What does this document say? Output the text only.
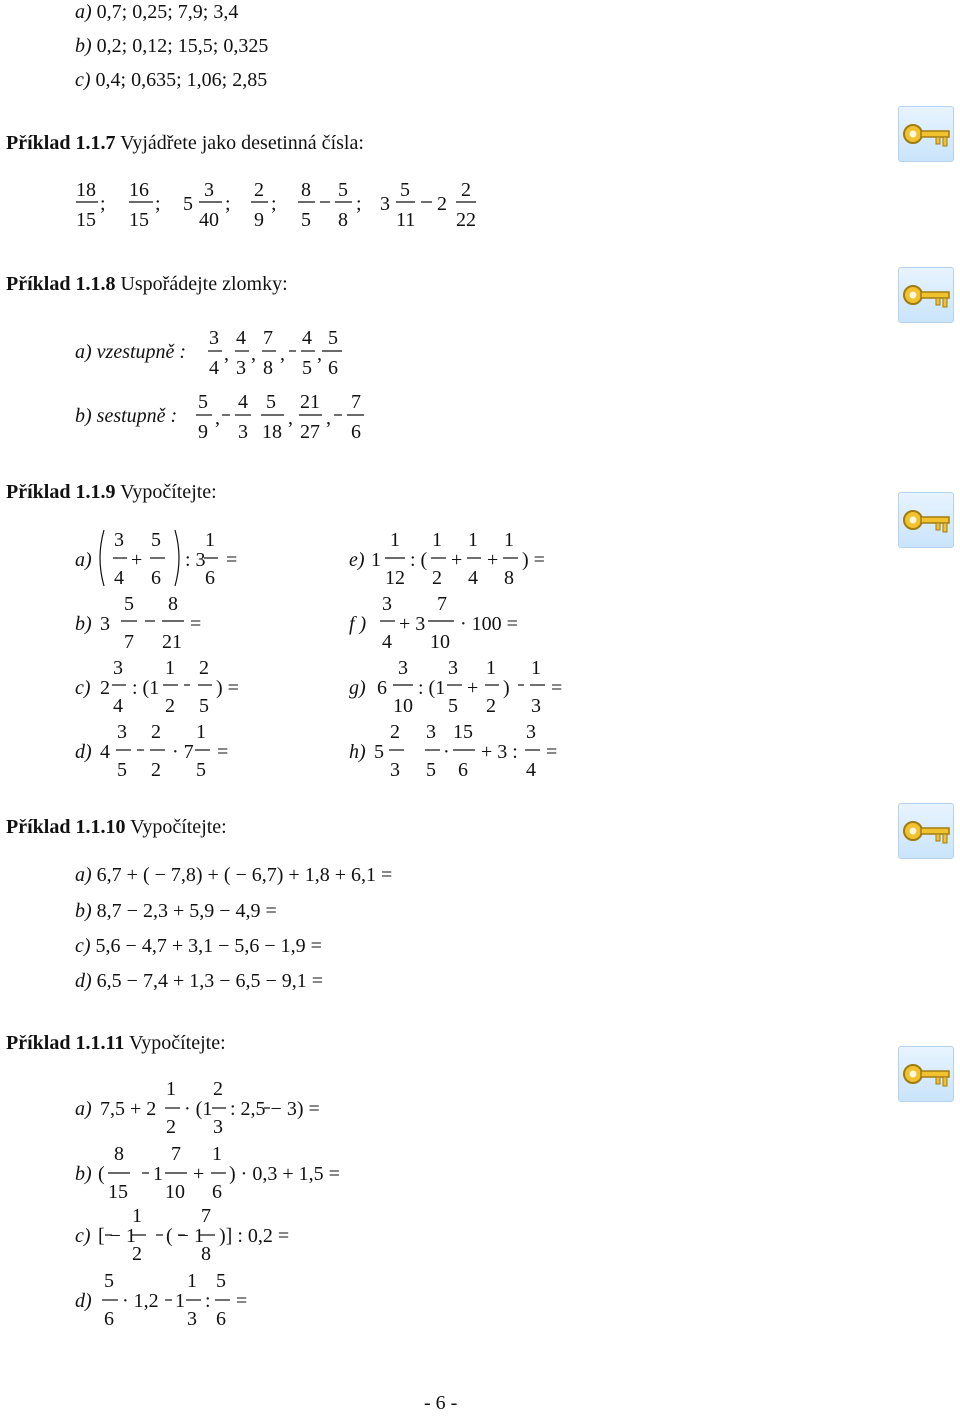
a) 0,7; 0,25; 7,9; 3,4
b) 0,2; 0,12; 15,5; 0,325
c) 0,4; 0,635; 1,06; 2,85
Příklad 1.1.7 Vyjádřete jako desetinná čísla:
18
15
;
16
15
; 5
3
40
;
2
9
;
8
5
5
8
; 3
5
11
2
2
22
Příklad 1.1.8 Uspořádejte zlomky:
a) vzestupně :
3
4
,
4
3
,
7
8
,
4
5
,
5
6
b) sestupně :
5
9
,
4
3
5
18
,
21
27
,
7
6
Příklad 1.1.9 Vypočítejte:
a)
3
4
+
5
6
: 3
1
6
=	e) 1
1
12
: (
1
2
+
1
4
+
1
8
) =
b) 3
5
7
8
21
=	f )
3
4
+ 3
7
10
· 100 =
c) 2
3
4
: (1
1
2
2
5
) =	g) 6
3
10
: (1
3
5
+
1
2
)
1
3
=
d) 4
3
5
2
2
· 7
1
5
=	h) 5
2
3
3
5
·
15
6
+ 3 :
3
4
=
Příklad 1.1.10 Vypočítejte:
a) 6,7 + ( − 7,8) + ( − 6,7) + 1,8 + 6,1 =
b) 8,7 − 2,3 + 5,9 − 4,9 =
c) 5,6 − 4,7 + 3,1 − 5,6 − 1,9 =
d) 6,5 − 7,4 + 1,3 − 6,5 − 9,1 =
Příklad 1.1.11 Vypočítejte:
a) 7,5 + 2
1
2
· (1
2
3
: 2,5 − 3) =
b) (
8
15
1
7
10
+
1
6
) · 0,3 + 1,5 =
c) [ − 1
1
2
( − 1
7
8
)] : 0,2 =
d)
5
6
· 1,2 1
1
3
:
5
6
=
- 6 -
